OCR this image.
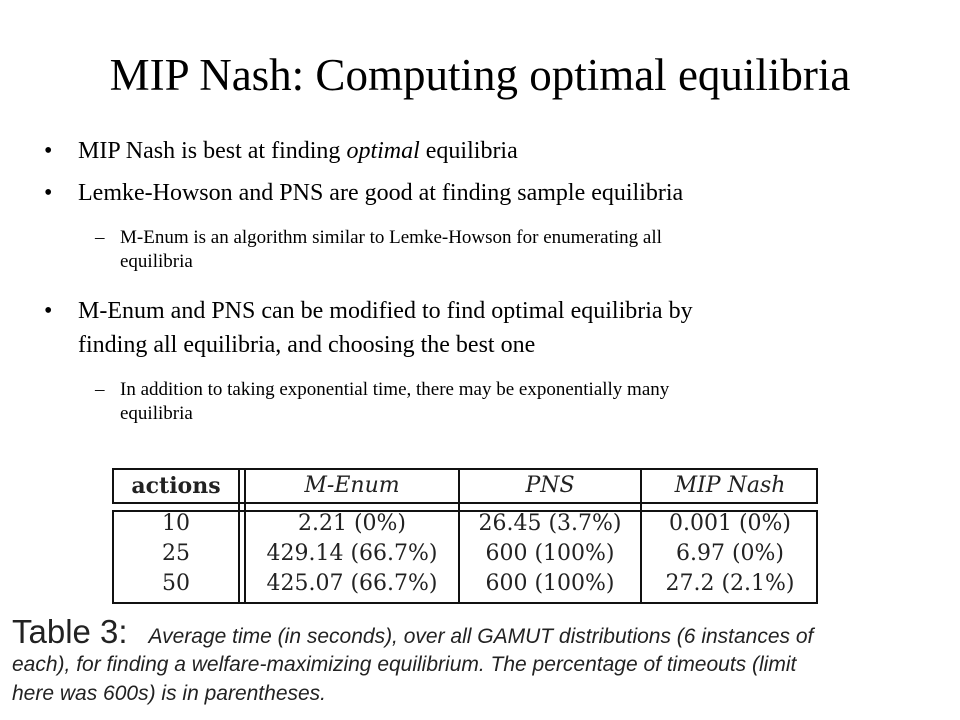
MIP Nash: Computing optimal equilibria
• MIP Nash is best at finding optimal equilibria
• Lemke-Howson and PNS are good at finding sample equilibria
– M-Enum is an algorithm similar to Lemke-Howson for enumerating all
equilibria
• M-Enum and PNS can be modified to find optimal equilibria by
finding all equilibria, and choosing the best one
– In addition to taking exponential time, there may be exponentially many
equilibria
actions	M-Enum	PNS	MIP Nash
10	2.21 (0%)	26.45 (3.7%)	0.001 (0%)
25	429.14 (66.7%)	600 (100%)	6.97 (0%)
50	425.07 (66.7%)	600 (100%)	27.2 (2.1%)
Table 3: Average time (in seconds), over all GAMUT distributions (6 instances of
each), for finding a welfare-maximizing equilibrium. The percentage of timeouts (limit
here was 600s) is in parentheses.
